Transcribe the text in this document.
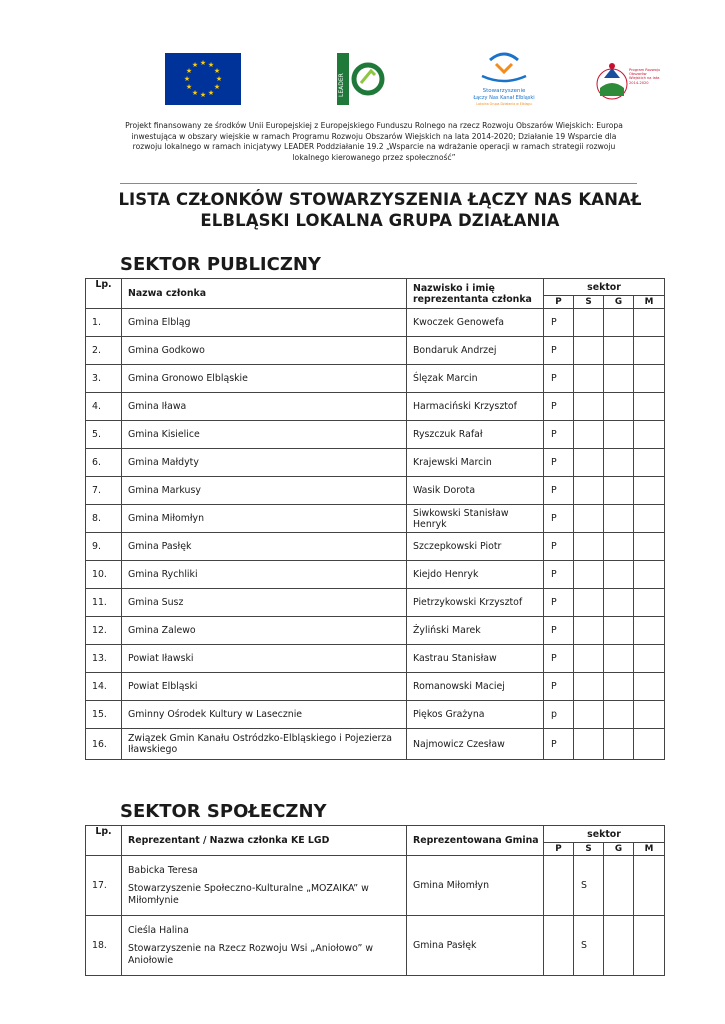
★ ★
★
★
★
★
★
★
★
★
★
★
LEADER	Stowarzyszenie
Łączy Nas Kanał Elbląski
Lokalna Grupa Działania w Elblągu
Program Rozwoju Obszarów Wiejskich na lata 2014-2020
Projekt finansowany ze środków Unii Europejskiej z Europejskiego Funduszu Rolnego na rzecz Rozwoju Obszarów Wiejskich: Europa inwestująca w obszary wiejskie w ramach Programu Rozwoju Obszarów Wiejskich na lata 2014-2020; Działanie 19 Wsparcie dla rozwoju lokalnego w ramach inicjatywy LEADER Poddziałanie 19.2 „Wsparcie na wdrażanie operacji w ramach strategii rozwoju lokalnego kierowanego przez społeczność”
LISTA CZŁONKÓW STOWARZYSZENIA ŁĄCZY NAS KANAŁ
ELBLĄSKI LOKALNA GRUPA DZIAŁANIA
SEKTOR PUBLICZNY
Lp.	Nazwa członka	Nazwisko i imię reprezentanta członka	sektor			
			P	S	G	M
1.	Gmina Elbląg	Kwoczek Genowefa	P			
2.	Gmina Godkowo	Bondaruk Andrzej	P			
3.	Gmina Gronowo Elbląskie	Ślęzak Marcin	P			
4.	Gmina Iława	Harmaciński Krzysztof	P			
5.	Gmina Kisielice	Ryszczuk Rafał	P			
6.	Gmina Małdyty	Krajewski Marcin	P			
7.	Gmina Markusy	Wasik Dorota	P			
8.	Gmina Miłomłyn	Siwkowski Stanisław Henryk	P			
9.	Gmina Pasłęk	Szczepkowski Piotr	P			
10.	Gmina Rychliki	Kiejdo Henryk	P			
11.	Gmina Susz	Pietrzykowski Krzysztof	P			
12.	Gmina Zalewo	Żyliński Marek	P			
13.	Powiat Iławski	Kastrau Stanisław	P			
14.	Powiat Elbląski	Romanowski Maciej	P			
15.	Gminny Ośrodek Kultury w Lasecznie	Piękos Grażyna	p			
16.	Związek Gmin Kanału Ostródzko-Elbląskiego i Pojezierza Iławskiego	Najmowicz Czesław	P			
SEKTOR SPOŁECZNY
Lp.	Reprezentant / Nazwa członka KE LGD	Reprezentowana Gmina	sektor			
			P	S	G	M
17.	Babicka Teresa
Stowarzyszenie Społeczno-Kulturalne „MOZAIKA” w Miłomłynie	Gmina Miłomłyn		S		
18.	Cieśla Halina
Stowarzyszenie na Rzecz Rozwoju Wsi „Aniołowo” w Aniołowie	Gmina Pasłęk		S		
